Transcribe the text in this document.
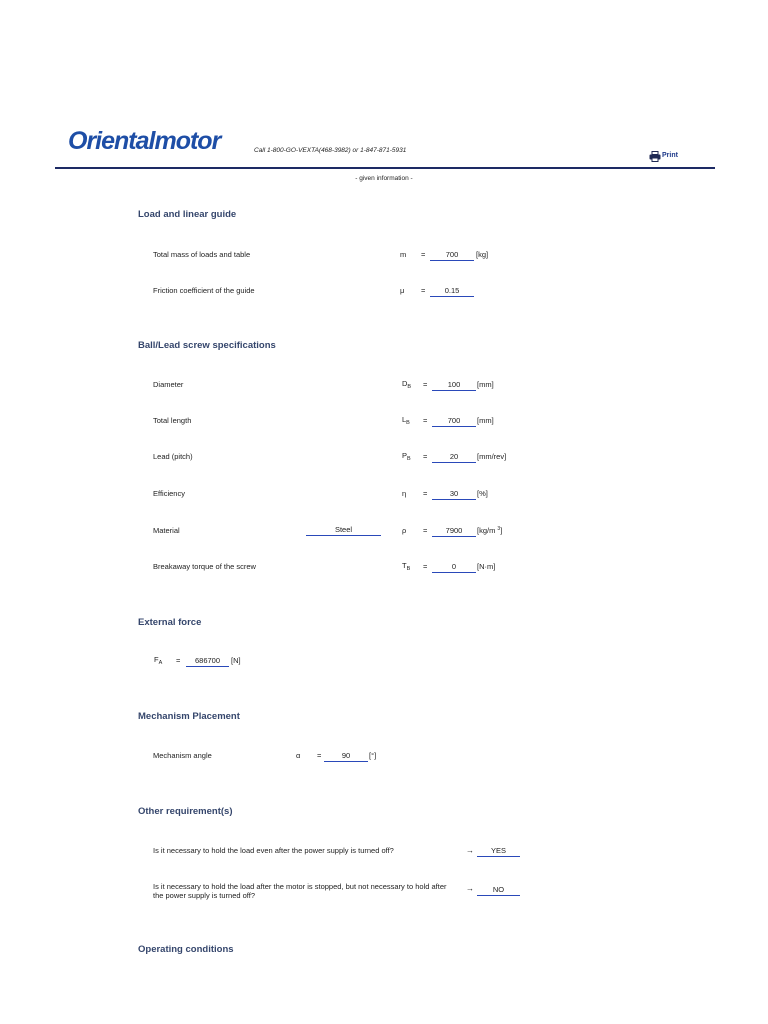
Orientalmotor	Call 1-800-GO-VEXTA(468-3982) or 1-847-871-5931
Print
- given information -
Load and linear guide
Total mass of loads and table	m =	700	[kg]
Friction coefficient of the guide	μ =	0.15
Ball/Lead screw specifications
Diameter	$D_B$ =	100	[mm]
Total length	$L_B$ =	700	[mm]
Lead (pitch)	$P_B$ =	20	[mm/rev]
Efficiency	η =	30	[%]
Material	Steel	ρ =	7900	[kg/m $^3$]
Breakaway torque of the screw	$T_B$ =	0	[N·m]
External force
$F_A$ =	686700	[N]
Mechanism Placement
Mechanism angle	α =	90	[°]
Other requirement(s)
Is it necessary to hold the load even after the power supply is turned off?	→	YES
Is it necessary to hold the load after the motor is stopped, but not necessary to hold after
the power supply is turned off?
→	NO
Operating conditions
